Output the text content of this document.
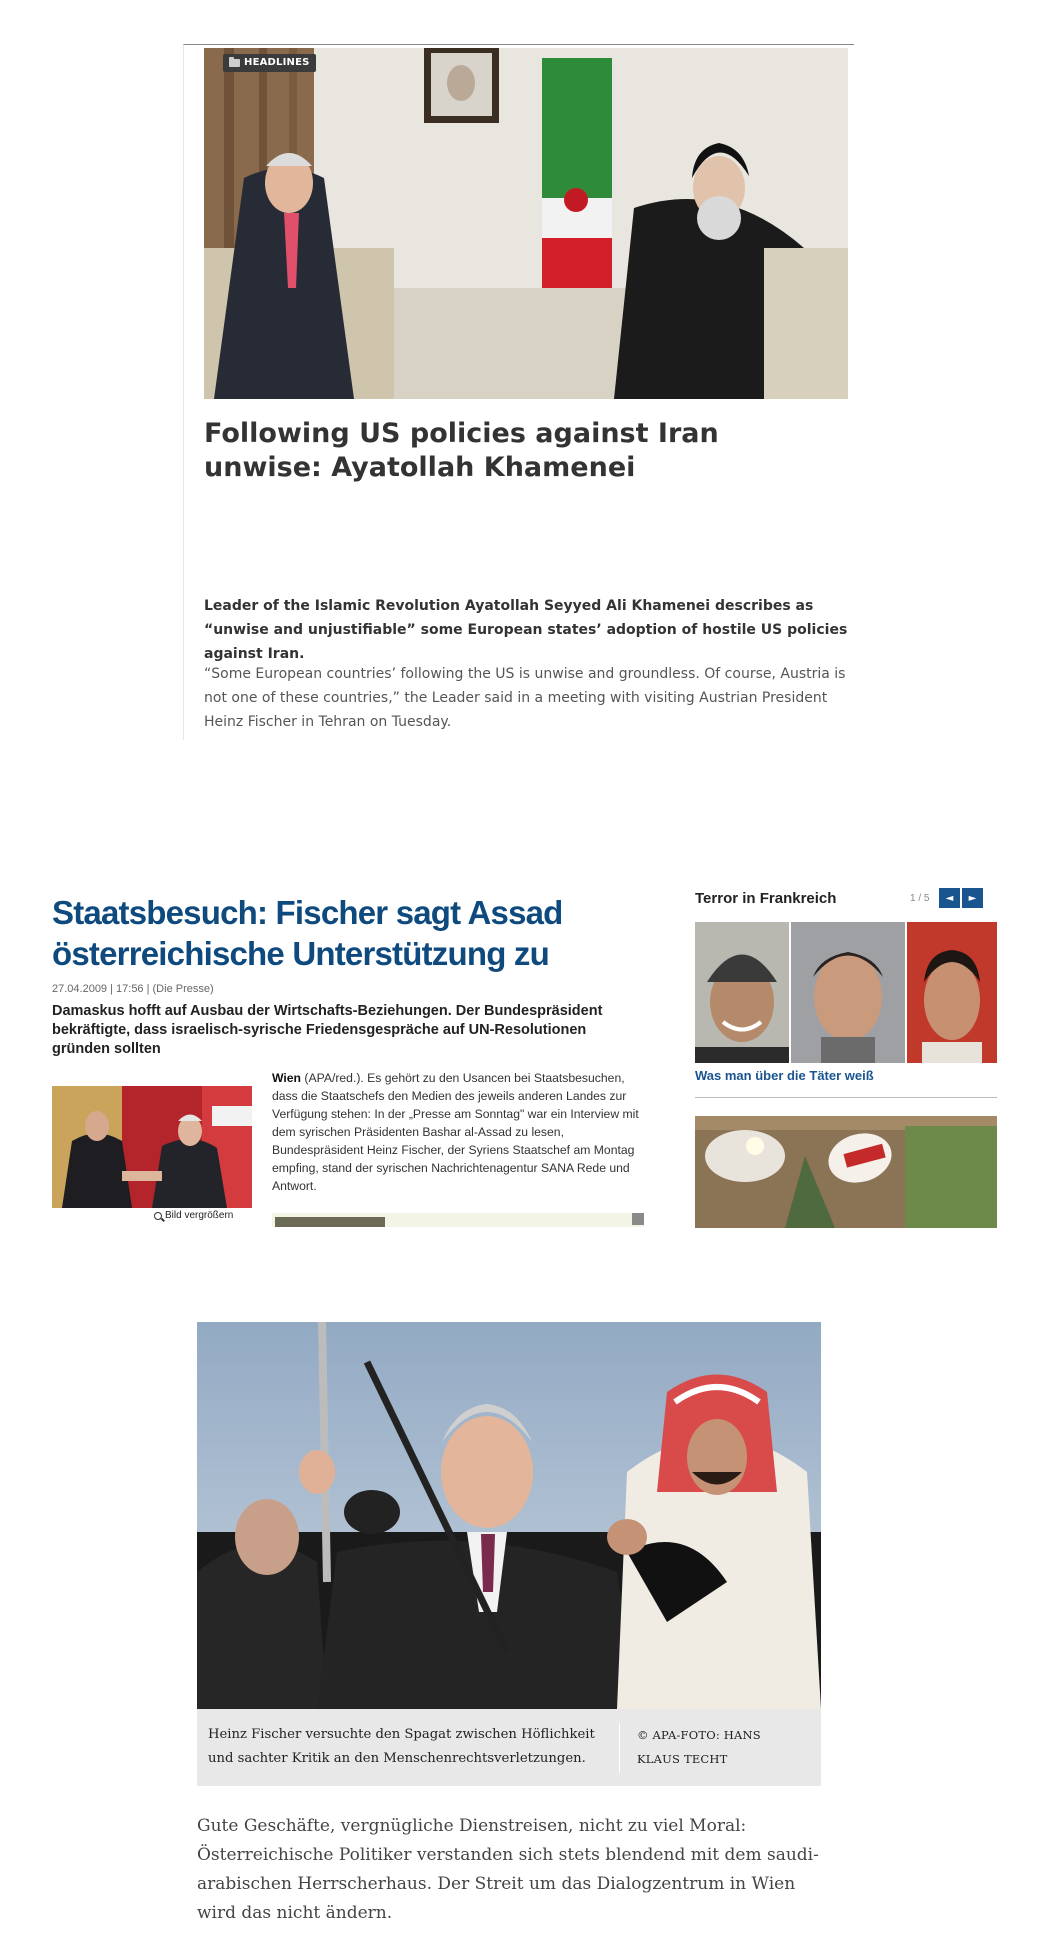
HEADLINES
Following US policies against Iran unwise: Ayatollah Khamenei

Leader of the Islamic Revolution Ayatollah Seyyed Ali Khamenei describes as “unwise and unjustifiable” some European states’ adoption of hostile US policies against Iran.

“Some European countries’ following the US is unwise and groundless. Of course, Austria is not one of these countries,” the Leader said in a meeting with visiting Austrian President Heinz Fischer in Tehran on Tuesday.

Staatsbesuch: Fischer sagt Assad österreichische Unterstützung zu
27.04.2009 | 17:56 | (Die Presse)

Damaskus hofft auf Ausbau der Wirtschafts-Beziehungen. Der Bundespräsident bekräftigte, dass israelisch-syrische Friedensgespräche auf UN-Resolutionen gründen sollten

Bild vergrößern

Wien (APA/red.). Es gehört zu den Usancen bei Staatsbesuchen, dass die Staatschefs den Medien des jeweils anderen Landes zur Verfügung stehen: In der „Presse am Sonntag" war ein Interview mit dem syrischen Präsidenten Bashar al-Assad zu lesen, Bundespräsident Heinz Fischer, der Syriens Staatschef am Montag empfing, stand der syrischen Nachrichtenagentur SANA Rede und Antwort.

Terror in Frankreich	1 / 5 ◄ ►
Was man über die Täter weiß

Heinz Fischer versuchte den Spagat zwischen Höflichkeit und sachter Kritik an den Menschenrechtsverletzungen.

© APA-FOTO: HANS KLAUS TECHT

Gute Geschäfte, vergnügliche Dienstreisen, nicht zu viel Moral: Österreichische Politiker verstanden sich stets blendend mit dem saudi-arabischen Herrscherhaus. Der Streit um das Dialogzentrum in Wien wird das nicht ändern.
